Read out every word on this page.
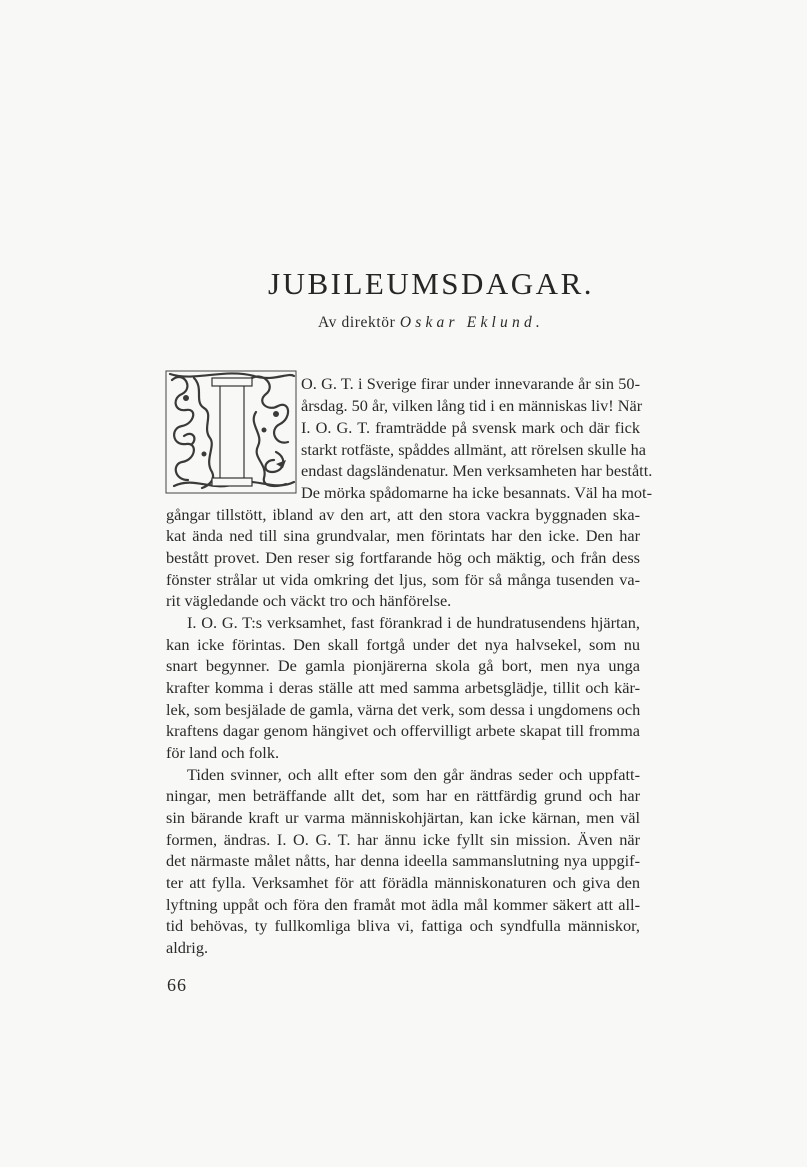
JUBILEUMSDAGAR.
Av direktör Oskar Eklund.
O. G. T. i Sverige firar under innevarande år sin 50-
årsdag. 50 år, vilken lång tid i en människas liv! När
I. O. G. T. framträdde på svensk mark och där fick
starkt rotfäste, spåddes allmänt, att rörelsen skulle ha
endast dagsländenatur. Men verksamheten har bestått.
De mörka spådomarne ha icke besannats. Väl ha mot-
gångar tillstött, ibland av den art, att den stora vackra byggnaden ska-
kat ända ned till sina grundvalar, men förintats har den icke. Den har
bestått provet. Den reser sig fortfarande hög och mäktig, och från dess
fönster strålar ut vida omkring det ljus, som för så många tusenden va-
rit vägledande och väckt tro och hänförelse.
I. O. G. T:s verksamhet, fast förankrad i de hundratusendens hjärtan,
kan icke förintas. Den skall fortgå under det nya halvsekel, som nu
snart begynner. De gamla pionjärerna skola gå bort, men nya unga
krafter komma i deras ställe att med samma arbetsglädje, tillit och kär-
lek, som besjälade de gamla, värna det verk, som dessa i ungdomens och
kraftens dagar genom hängivet och offervilligt arbete skapat till fromma
för land och folk.
Tiden svinner, och allt efter som den går ändras seder och uppfatt-
ningar, men beträffande allt det, som har en rättfärdig grund och har
sin bärande kraft ur varma människohjärtan, kan icke kärnan, men väl
formen, ändras. I. O. G. T. har ännu icke fyllt sin mission. Även när
det närmaste målet nåtts, har denna ideella sammanslutning nya uppgif-
ter att fylla. Verksamhet för att förädla människonaturen och giva den
lyftning uppåt och föra den framåt mot ädla mål kommer säkert att all-
tid behövas, ty fullkomliga bliva vi, fattiga och syndfulla människor,
aldrig.
66
